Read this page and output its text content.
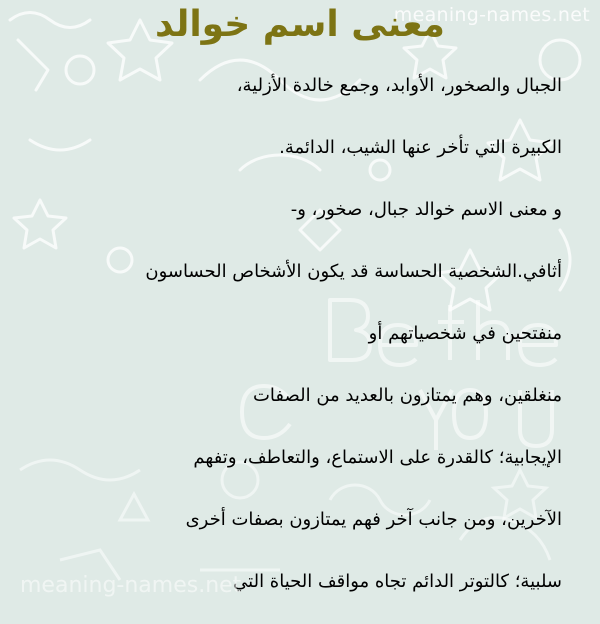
meaning-names.net
معنى اسم خوالد
الجبال والصخور، الأوابد، وجمع خالدة الأزلية،
الكبيرة التي تأخر عنها الشيب، الدائمة.
و معنى الاسم خوالد جبال، صخور، و-
أثافي.الشخصية الحساسة قد يكون الأشخاص الحساسون
منفتحين في شخصياتهم أو
منغلقين، وهم يمتازون بالعديد من الصفات
الإيجابية؛ كالقدرة على الاستماع، والتعاطف، وتفهم
الآخرين، ومن جانب آخر فهم يمتازون بصفات أخرى
سلبية؛ كالتوتر الدائم تجاه مواقف الحياة التي
meaning-names.net
